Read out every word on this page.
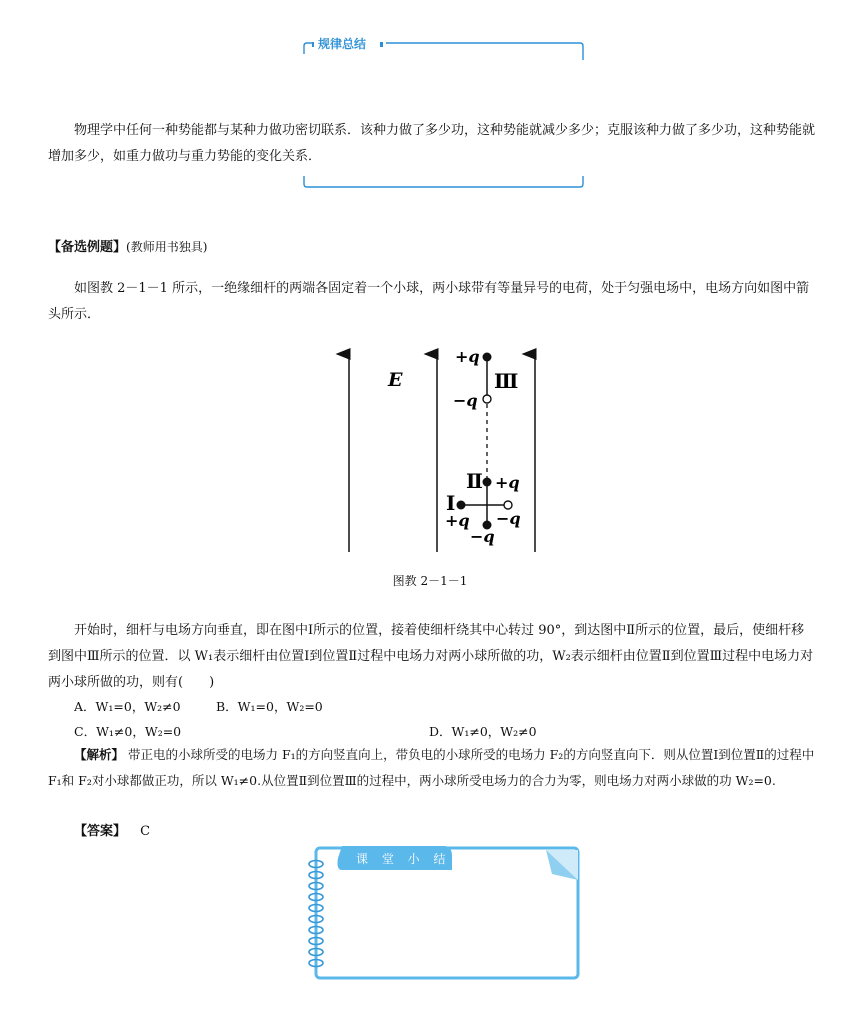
规律总结
物理学中任何一种势能都与某种力做功密切联系．该种力做了多少功，这种势能就减少多少；克服该种力做了多少功，这种势能就增加多少，如重力做功与重力势能的变化关系．
【备选例题】(教师用书独具)
如图教 2－1－1 所示，一绝缘细杆的两端各固定着一个小球，两小球带有等量异号的电荷，处于匀强电场中，电场方向如图中箭头所示．
E
+q
−q
Ⅲ
+q
−q
Ⅱ
Ⅰ
+q −q
图教 2－1－1
开始时，细杆与电场方向垂直，即在图中Ⅰ所示的位置，接着使细杆绕其中心转过 90°，到达图中Ⅱ所示的位置，最后，使细杆移到图中Ⅲ所示的位置．以 W₁表示细杆由位置Ⅰ到位置Ⅱ过程中电场力对两小球所做的功，W₂表示细杆由位置Ⅱ到位置Ⅲ过程中电场力对两小球所做的功，则有(　　)
A．W₁=0，W₂≠0	B．W₁=0，W₂=0
C．W₁≠0，W₂=0	D．W₁≠0，W₂≠0
【解析】 带正电的小球所受的电场力 F₁的方向竖直向上，带负电的小球所受的电场力 F₂的方向竖直向下．则从位置Ⅰ到位置Ⅱ的过程中 F₁和 F₂对小球都做正功，所以 W₁≠0.从位置Ⅱ到位置Ⅲ的过程中，两小球所受电场力的合力为零，则电场力对两小球做的功 W₂=0.
【答案】 C
课 堂 小 结
